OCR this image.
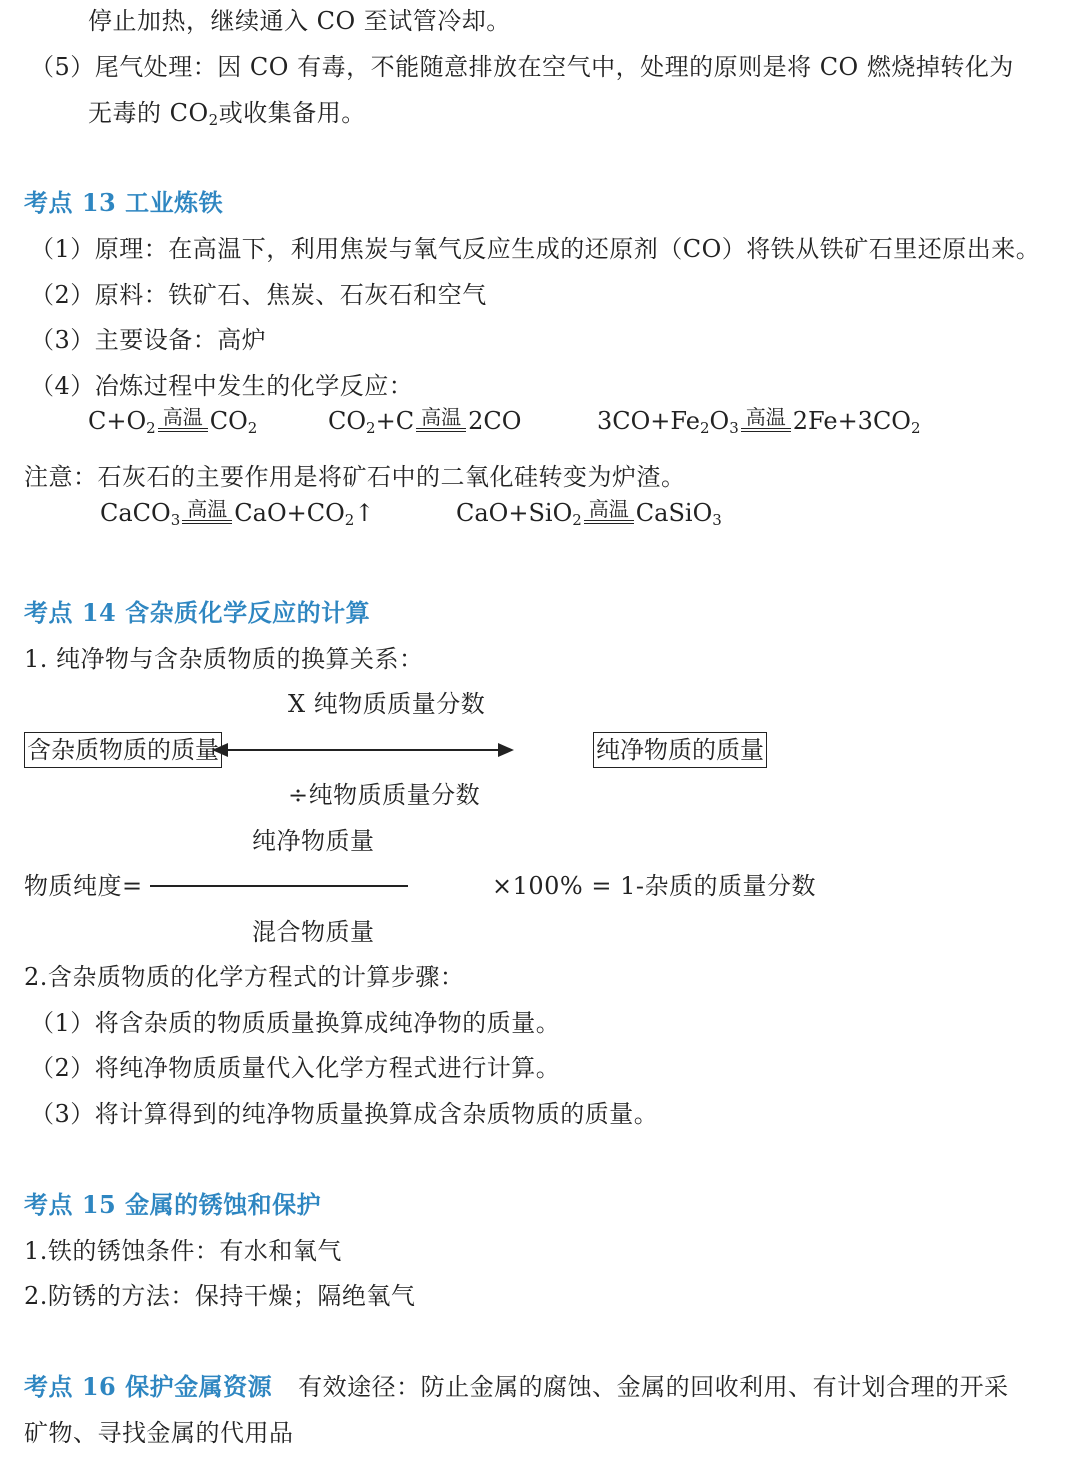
停止加热，继续通入 CO 至试管冷却。
（5）尾气处理：因 CO 有毒，不能随意排放在空气中，处理的原则是将 CO 燃烧掉转化为
无毒的 $CO_2$或收集备用。
考点 13 工业炼铁
（1）原理：在高温下，利用焦炭与氧气反应生成的还原剂（CO）将铁从铁矿石里还原出来。
（2）原料：铁矿石、焦炭、石灰石和空气
（3）主要设备：高炉
（4）冶炼过程中发生的化学反应：
$C+O_2$ 高温 $CO_2$	$CO_2+C$ 高温 2CO	$3CO+Fe_2O_3$ 高温 $2Fe+3CO_2$
注意：石灰石的主要作用是将矿石中的二氧化硅转变为炉渣。
CaCO$_3$ 高温 $CaO+CO_2↑$	CaO+SiO$_2$ 高温 CaSiO$_3$
考点 14 含杂质化学反应的计算
1. 纯净物与含杂质物质的换算关系：
X 纯物质质量分数
含杂质物质的质量	纯净物质的质量
÷纯物质质量分数
纯净物质量
物质纯度=	×100% = 1-杂质的质量分数
混合物质量
2.含杂质物质的化学方程式的计算步骤：
（1）将含杂质的物质质量换算成纯净物的质量。
（2）将纯净物质质量代入化学方程式进行计算。
（3）将计算得到的纯净物质量换算成含杂质物质的质量。
考点 15 金属的锈蚀和保护
1.铁的锈蚀条件：有水和氧气
2.防锈的方法：保持干燥；隔绝氧气
考点 16 保护金属资源 有效途径：防止金属的腐蚀、金属的回收利用、有计划合理的开采
矿物、寻找金属的代用品
